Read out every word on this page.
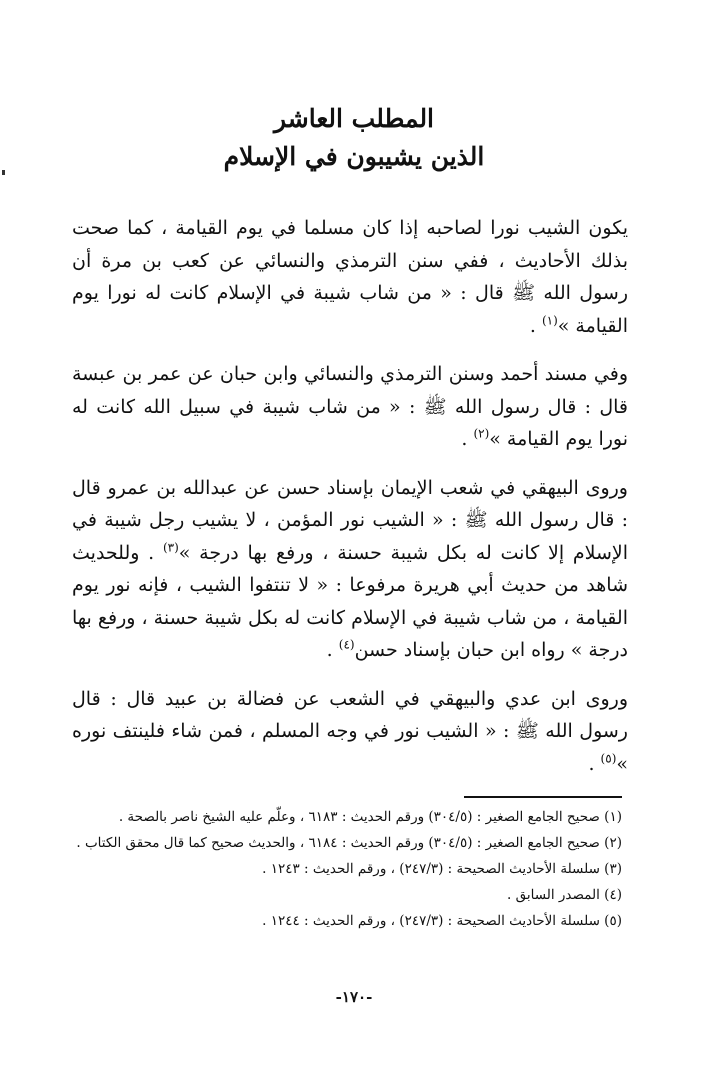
المطلب العاشر
الذين يشيبون في الإسلام

يكون الشيب نورا لصاحبه إذا كان مسلما في يوم القيامة ، كما صحت بذلك الأحاديث ، ففي سنن الترمذي والنسائي عن كعب بن مرة أن رسول الله ﷺ قال : « من شاب شيبة في الإسلام كانت له نورا يوم القيامة »$^{(١)}$ .

وفي مسند أحمد وسنن الترمذي والنسائي وابن حبان عن عمر بن عبسة قال : قال رسول الله ﷺ : « من شاب شيبة في سبيل الله كانت له نورا يوم القيامة »$^{(٢)}$ .

وروى البيهقي في شعب الإيمان بإسناد حسن عن عبدالله بن عمرو قال : قال رسول الله ﷺ : « الشيب نور المؤمن ، لا يشيب رجل شيبة في الإسلام إلا كانت له بكل شيبة حسنة ، ورفع بها درجة »$^{(٣)}$ . وللحديث شاهد من حديث أبي هريرة مرفوعا : « لا تنتفوا الشيب ، فإنه نور يوم القيامة ، من شاب شيبة في الإسلام كانت له بكل شيبة حسنة ، ورفع بها درجة » رواه ابن حبان بإسناد حسن$^{(٤)}$ .

وروى ابن عدي والبيهقي في الشعب عن فضالة بن عبيد قال : قال رسول الله ﷺ : « الشيب نور في وجه المسلم ، فمن شاء فلينتف نوره »$^{(٥)}$ .

(١) صحيح الجامع الصغير : (٣٠٤/٥) ورقم الحديث : ٦١٨٣ ، وعلّم عليه الشيخ ناصر بالصحة .

(٢) صحيح الجامع الصغير : (٣٠٤/٥) ورقم الحديث : ٦١٨٤ ، والحديث صحيح كما قال محقق الكتاب .

(٣) سلسلة الأحاديث الصحيحة : (٢٤٧/٣) ، ورقم الحديث : ١٢٤٣ .

(٤) المصدر السابق .

(٥) سلسلة الأحاديث الصحيحة : (٢٤٧/٣) ، ورقم الحديث : ١٢٤٤ .

-١٧٠-
